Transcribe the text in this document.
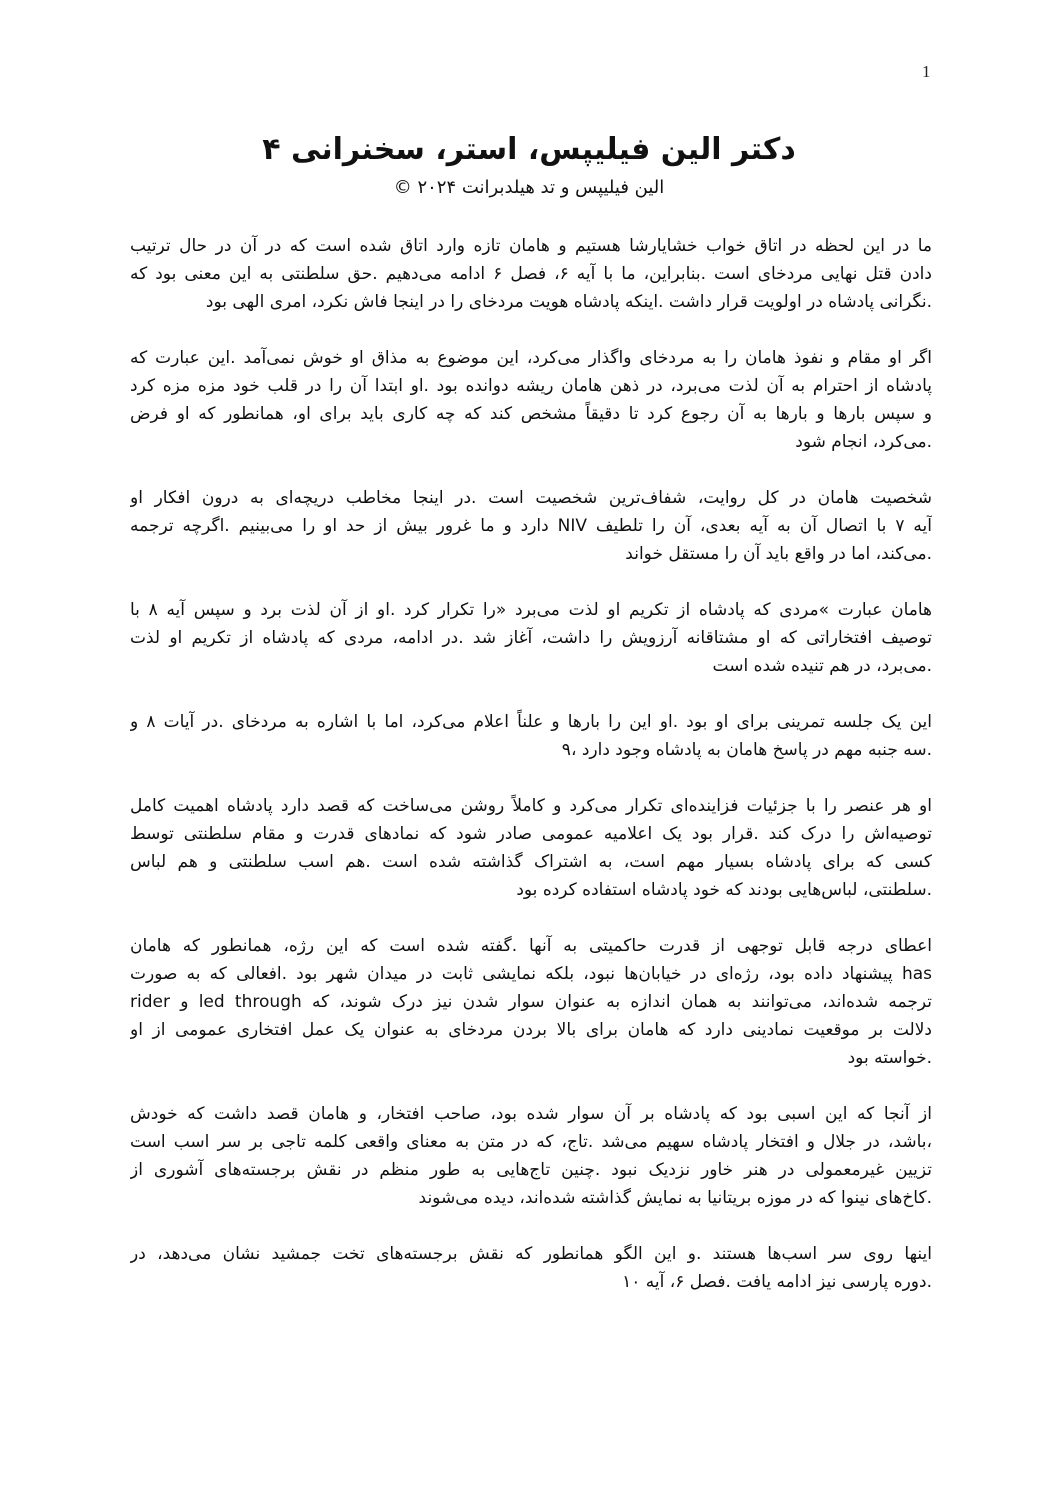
1
دکتر الین فیلیپس، استر، سخنرانی ۴

الین فیلیپس و تد هیلدبرانت ۲۰۲۴ ©

ما در این لحظه در اتاق خواب خشایارشا هستیم و هامان تازه وارد اتاق شده است که در آن در حال ترتیب
دادن قتل نهایی مردخای است .بنابراین، ما با آیه ۶، فصل ۶ ادامه می‌دهیم .حق سلطنتی به این معنی بود که
.نگرانی پادشاه در اولویت قرار داشت .اینکه پادشاه هویت مردخای را در اینجا فاش نکرد، امری الهی بود

اگر او مقام و نفوذ هامان را به مردخای واگذار می‌کرد، این موضوع به مذاق او خوش نمی‌آمد .این عبارت که
پادشاه از احترام به آن لذت می‌برد، در ذهن هامان ریشه دوانده بود .او ابتدا آن را در قلب خود مزه مزه کرد
و سپس بارها و بارها به آن رجوع کرد تا دقیقاً مشخص کند که چه کاری باید برای او، همانطور که او فرض
.می‌کرد، انجام شود

شخصیت هامان در کل روایت، شفاف‌ترین شخصیت است .در اینجا مخاطب دریچه‌ای به درون افکار او
آیه ۷ با اتصال آن به آیه بعدی، آن را تلطیف NIV دارد و ما غرور بیش از حد او را می‌بینیم .اگرچه ترجمه
.می‌کند، اما در واقع باید آن را مستقل خواند

هامان عبارت »مردی که پادشاه از تکریم او لذت می‌برد «را تکرار کرد .او از آن لذت برد و سپس آیه ۸ با
توصیف افتخاراتی که او مشتاقانه آرزویش را داشت، آغاز شد .در ادامه، مردی که پادشاه از تکریم او لذت
.می‌برد، در هم تنیده شده است

این یک جلسه تمرینی برای او بود .او این را بارها و علناً اعلام می‌کرد، اما با اشاره به مردخای .در آیات ۸ و
.سه جنبه مهم در پاسخ هامان به پادشاه وجود دارد ،۹

او هر عنصر را با جزئیات فزاینده‌ای تکرار می‌کرد و کاملاً روشن می‌ساخت که قصد دارد پادشاه اهمیت کامل
توصیه‌اش را درک کند .قرار بود یک اعلامیه عمومی صادر شود که نمادهای قدرت و مقام سلطنتی توسط
کسی که برای پادشاه بسیار مهم است، به اشتراک گذاشته شده است .هم اسب سلطنتی و هم لباس
.سلطنتی، لباس‌هایی بودند که خود پادشاه استفاده کرده بود

اعطای درجه قابل توجهی از قدرت حاکمیتی به آنها .گفته شده است که این رژه، همانطور که هامان
has پیشنهاد داده بود، رژه‌ای در خیابان‌ها نبود، بلکه نمایشی ثابت در میدان شهر بود .افعالی که به صورت
ترجمه شده‌اند، می‌توانند به همان اندازه به عنوان سوار شدن نیز درک شوند، که led through و rider
دلالت بر موقعیت نمادینی دارد که هامان برای بالا بردن مردخای به عنوان یک عمل افتخاری عمومی از او
.خواسته بود

از آنجا که این اسبی بود که پادشاه بر آن سوار شده بود، صاحب افتخار، و هامان قصد داشت که خودش
،باشد، در جلال و افتخار پادشاه سهیم می‌شد .تاج، که در متن به معنای واقعی کلمه تاجی بر سر اسب است
تزیین غیرمعمولی در هنر خاور نزدیک نبود .چنین تاج‌هایی به طور منظم در نقش برجسته‌های آشوری از
.کاخ‌های نینوا که در موزه بریتانیا به نمایش گذاشته شده‌اند، دیده می‌شوند

اینها روی سر اسب‌ها هستند .و این الگو همانطور که نقش برجسته‌های تخت جمشید نشان می‌دهد، در
.دوره پارسی نیز ادامه یافت .فصل ۶، آیه ۱۰
